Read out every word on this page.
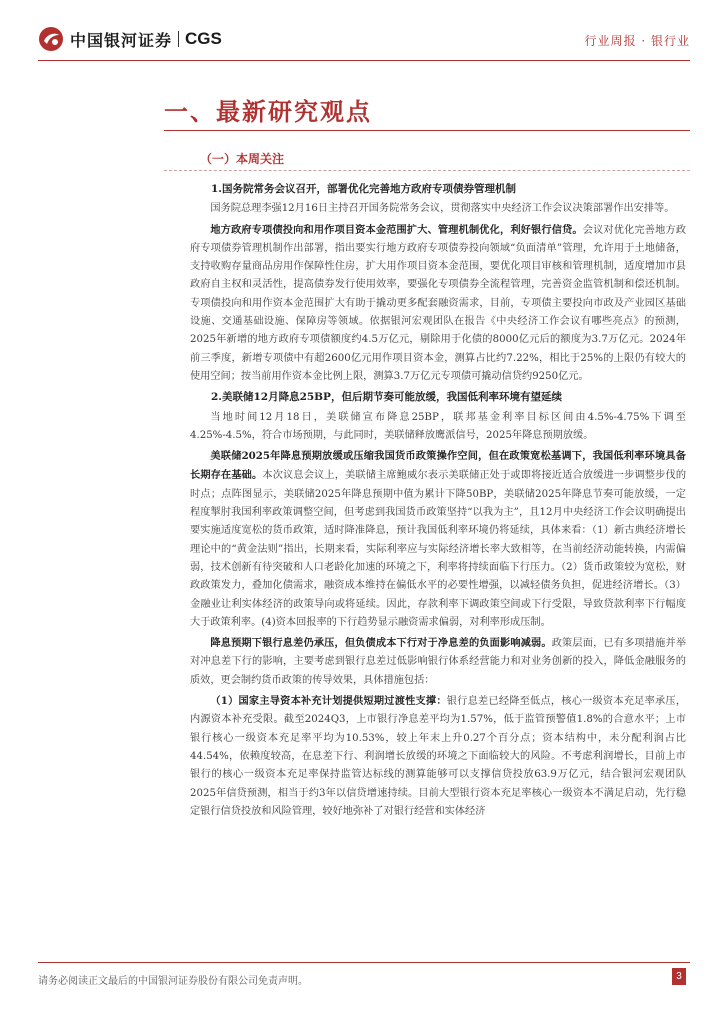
中国银河证券 CGS	行业周报 · 银行业
一、最新研究观点
（一）本周关注
1.国务院常务会议召开，部署优化完善地方政府专项债券管理机制

国务院总理李强12月16日主持召开国务院常务会议，贯彻落实中央经济工作会议决策部署作出安排等。

地方政府专项债投向和用作项目资本金范围扩大、管理机制优化，利好银行信贷。会议对优化完善地方政府专项债券管理机制作出部署，指出要实行地方政府专项债券投向领域“负面清单”管理，允许用于土地储备，支持收购存量商品房用作保障性住房，扩大用作项目资本金范围，要优化项目审核和管理机制，适度增加市县政府自主权和灵活性，提高债券发行使用效率，要强化专项债券全流程管理，完善资金监管机制和偿还机制。专项债投向和用作资本金范围扩大有助于撬动更多配套融资需求，目前，专项债主要投向市政及产业园区基础设施、交通基础设施、保障房等领域。依据银河宏观团队在报告《中央经济工作会议有哪些亮点》的预测，2025年新增的地方政府专项债额度约4.5万亿元，剔除用于化债的8000亿元后的额度为3.7万亿元。2024年前三季度，新增专项债中有超2600亿元用作项目资本金，测算占比约7.22%，相比于25%的上限仍有较大的使用空间；按当前用作资本金比例上限，测算3.7万亿元专项债可撬动信贷约9250亿元。

2.美联储12月降息25BP，但后期节奏可能放缓，我国低利率环境有望延续

当地时间12月18日，美联储宣布降息25BP，联邦基金利率目标区间由4.5%-4.75%下调至4.25%-4.5%，符合市场预期，与此同时，美联储释放鹰派信号，2025年降息预期放缓。

美联储2025年降息预期放缓或压缩我国货币政策操作空间，但在政策宽松基调下，我国低利率环境具备长期存在基础。本次议息会议上，美联储主席鲍威尔表示美联储正处于或即将接近适合放缓进一步调整步伐的时点；点阵图显示，美联储2025年降息预期中值为累计下降50BP，美联储2025年降息节奏可能放缓，一定程度掣肘我国利率政策调整空间，但考虑到我国货币政策坚持“以我为主”，且12月中央经济工作会议明确提出要实施适度宽松的货币政策，适时降准降息，预计我国低利率环境仍将延续，具体来看：（1）新古典经济增长理论中的“黄金法则”指出，长期来看，实际利率应与实际经济增长率大致相等，在当前经济动能转换，内需偏弱，技术创新有待突破和人口老龄化加速的环境之下，利率将持续面临下行压力。（2）货币政策较为宽松，财政政策发力，叠加化债需求，融资成本维持在偏低水平的必要性增强，以减轻债务负担，促进经济增长。（3）金融业让利实体经济的政策导向或将延续。因此，存款利率下调政策空间或下行受限，导致贷款利率下行幅度大于政策利率。(4)资本回报率的下行趋势显示融资需求偏弱，对利率形成压制。

降息预期下银行息差仍承压，但负债成本下行对于净息差的负面影响减弱。政策层面，已有多项措施并举对冲息差下行的影响，主要考虑到银行息差过低影响银行体系经营能力和对业务创新的投入，降低金融服务的质效，更会制约货币政策的传导效果，具体措施包括：

（1）国家主导资本补充计划提供短期过渡性支撑：银行息差已经降至低点，核心一级资本充足率承压，内源资本补充受限。截至2024Q3，上市银行净息差平均为1.57%，低于监管预警值1.8%的合意水平；上市银行核心一级资本充足率平均为10.53%，较上年末上升0.27个百分点；资本结构中，未分配利润占比44.54%，依赖度较高，在息差下行、利润增长放缓的环境之下面临较大的风险。不考虑利润增长，目前上市银行的核心一级资本充足率保持监管达标线的测算能够可以支撑信贷投放63.9万亿元，结合银河宏观团队2025年信贷预测，相当于约3年以信贷增速持续。目前大型银行资本充足率核心一级资本不满足启动，先行稳定银行信贷投放和风险管理，较好地弥补了对银行经营和实体经济

请务必阅读正文最后的中国银河证券股份有限公司免责声明。	3
